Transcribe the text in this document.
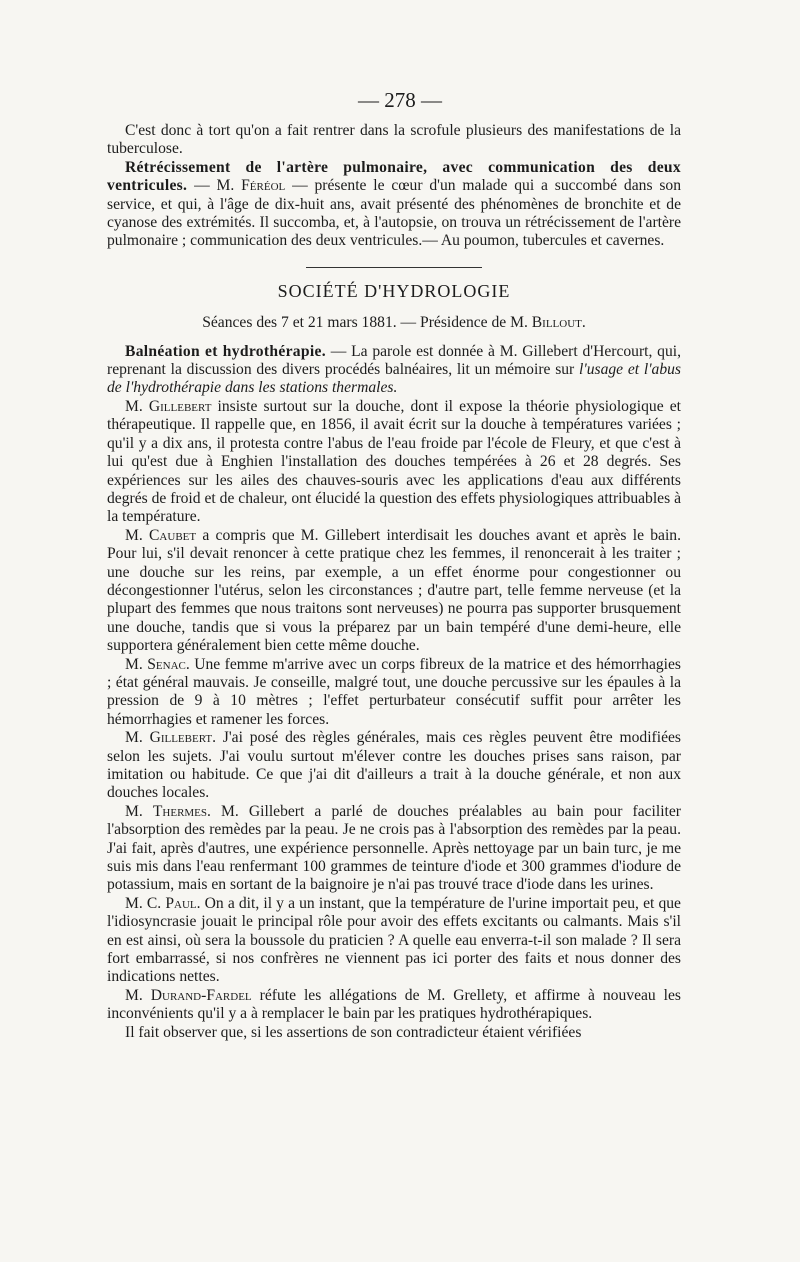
— 278 —

C'est donc à tort qu'on a fait rentrer dans la scrofule plusieurs des manifestations de la tuberculose.

Rétrécissement de l'artère pulmonaire, avec communication des deux ventricules. — M. Féréol — présente le cœur d'un malade qui a succombé dans son service, et qui, à l'âge de dix-huit ans, avait présenté des phénomènes de bronchite et de cyanose des extrémités. Il succomba, et, à l'autopsie, on trouva un rétrécissement de l'artère pulmonaire ; communication des deux ventricules.— Au poumon, tubercules et cavernes.

SOCIÉTÉ D'HYDROLOGIE
Séances des 7 et 21 mars 1881. — Présidence de M. Billout.

Balnéation et hydrothérapie. — La parole est donnée à M. Gillebert d'Hercourt, qui, reprenant la discussion des divers procédés balnéaires, lit un mémoire sur l'usage et l'abus de l'hydrothérapie dans les stations thermales.

M. Gillebert insiste surtout sur la douche, dont il expose la théorie physiologique et thérapeutique. Il rappelle que, en 1856, il avait écrit sur la douche à températures variées ; qu'il y a dix ans, il protesta contre l'abus de l'eau froide par l'école de Fleury, et que c'est à lui qu'est due à Enghien l'installation des douches tempérées à 26 et 28 degrés. Ses expériences sur les ailes des chauves-souris avec les applications d'eau aux différents degrés de froid et de chaleur, ont élucidé la question des effets physiologiques attribuables à la température.

M. Caubet a compris que M. Gillebert interdisait les douches avant et après le bain. Pour lui, s'il devait renoncer à cette pratique chez les femmes, il renoncerait à les traiter ; une douche sur les reins, par exemple, a un effet énorme pour congestionner ou décongestionner l'utérus, selon les circonstances ; d'autre part, telle femme nerveuse (et la plupart des femmes que nous traitons sont nerveuses) ne pourra pas supporter brusquement une douche, tandis que si vous la préparez par un bain tempéré d'une demi-heure, elle supportera généralement bien cette même douche.

M. Senac. Une femme m'arrive avec un corps fibreux de la matrice et des hémorrhagies ; état général mauvais. Je conseille, malgré tout, une douche percussive sur les épaules à la pression de 9 à 10 mètres ; l'effet perturbateur consécutif suffit pour arrêter les hémorrhagies et ramener les forces.

M. Gillebert. J'ai posé des règles générales, mais ces règles peuvent être modifiées selon les sujets. J'ai voulu surtout m'élever contre les douches prises sans raison, par imitation ou habitude. Ce que j'ai dit d'ailleurs a trait à la douche générale, et non aux douches locales.

M. Thermes. M. Gillebert a parlé de douches préalables au bain pour faciliter l'absorption des remèdes par la peau. Je ne crois pas à l'absorption des remèdes par la peau. J'ai fait, après d'autres, une expérience personnelle. Après nettoyage par un bain turc, je me suis mis dans l'eau renfermant 100 grammes de teinture d'iode et 300 grammes d'iodure de potassium, mais en sortant de la baignoire je n'ai pas trouvé trace d'iode dans les urines.

M. C. Paul. On a dit, il y a un instant, que la température de l'urine importait peu, et que l'idiosyncrasie jouait le principal rôle pour avoir des effets excitants ou calmants. Mais s'il en est ainsi, où sera la boussole du praticien ? A quelle eau enverra-t-il son malade ? Il sera fort embarrassé, si nos confrères ne viennent pas ici porter des faits et nous donner des indications nettes.

M. Durand-Fardel réfute les allégations de M. Grellety, et affirme à nouveau les inconvénients qu'il y a à remplacer le bain par les pratiques hydrothérapiques.

Il fait observer que, si les assertions de son contradicteur étaient vérifiées
